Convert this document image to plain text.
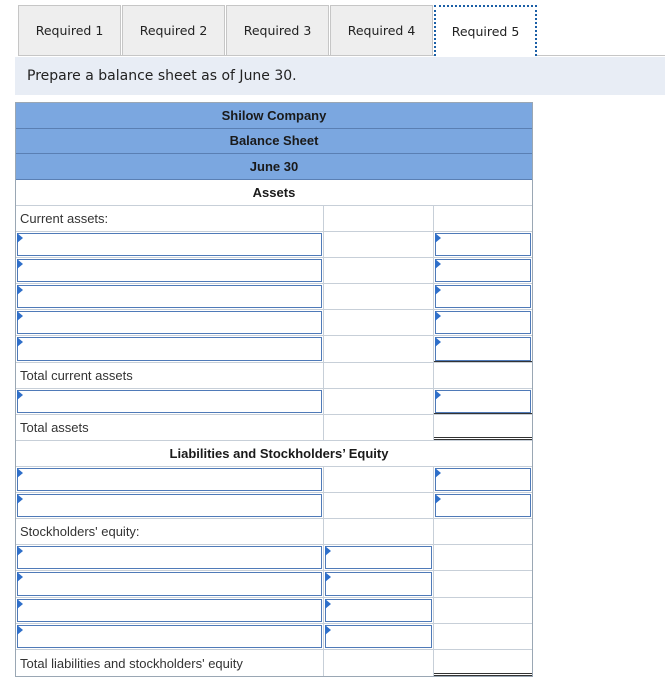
Required 1	Required 2	Required 3	Required 4	Required 5
Prepare a balance sheet as of June 30.
Shilow Company
Balance Sheet
June 30
Assets
Current assets:
Total current assets
Total assets
Liabilities and Stockholders’ Equity
Stockholders' equity:
Total liabilities and stockholders' equity
